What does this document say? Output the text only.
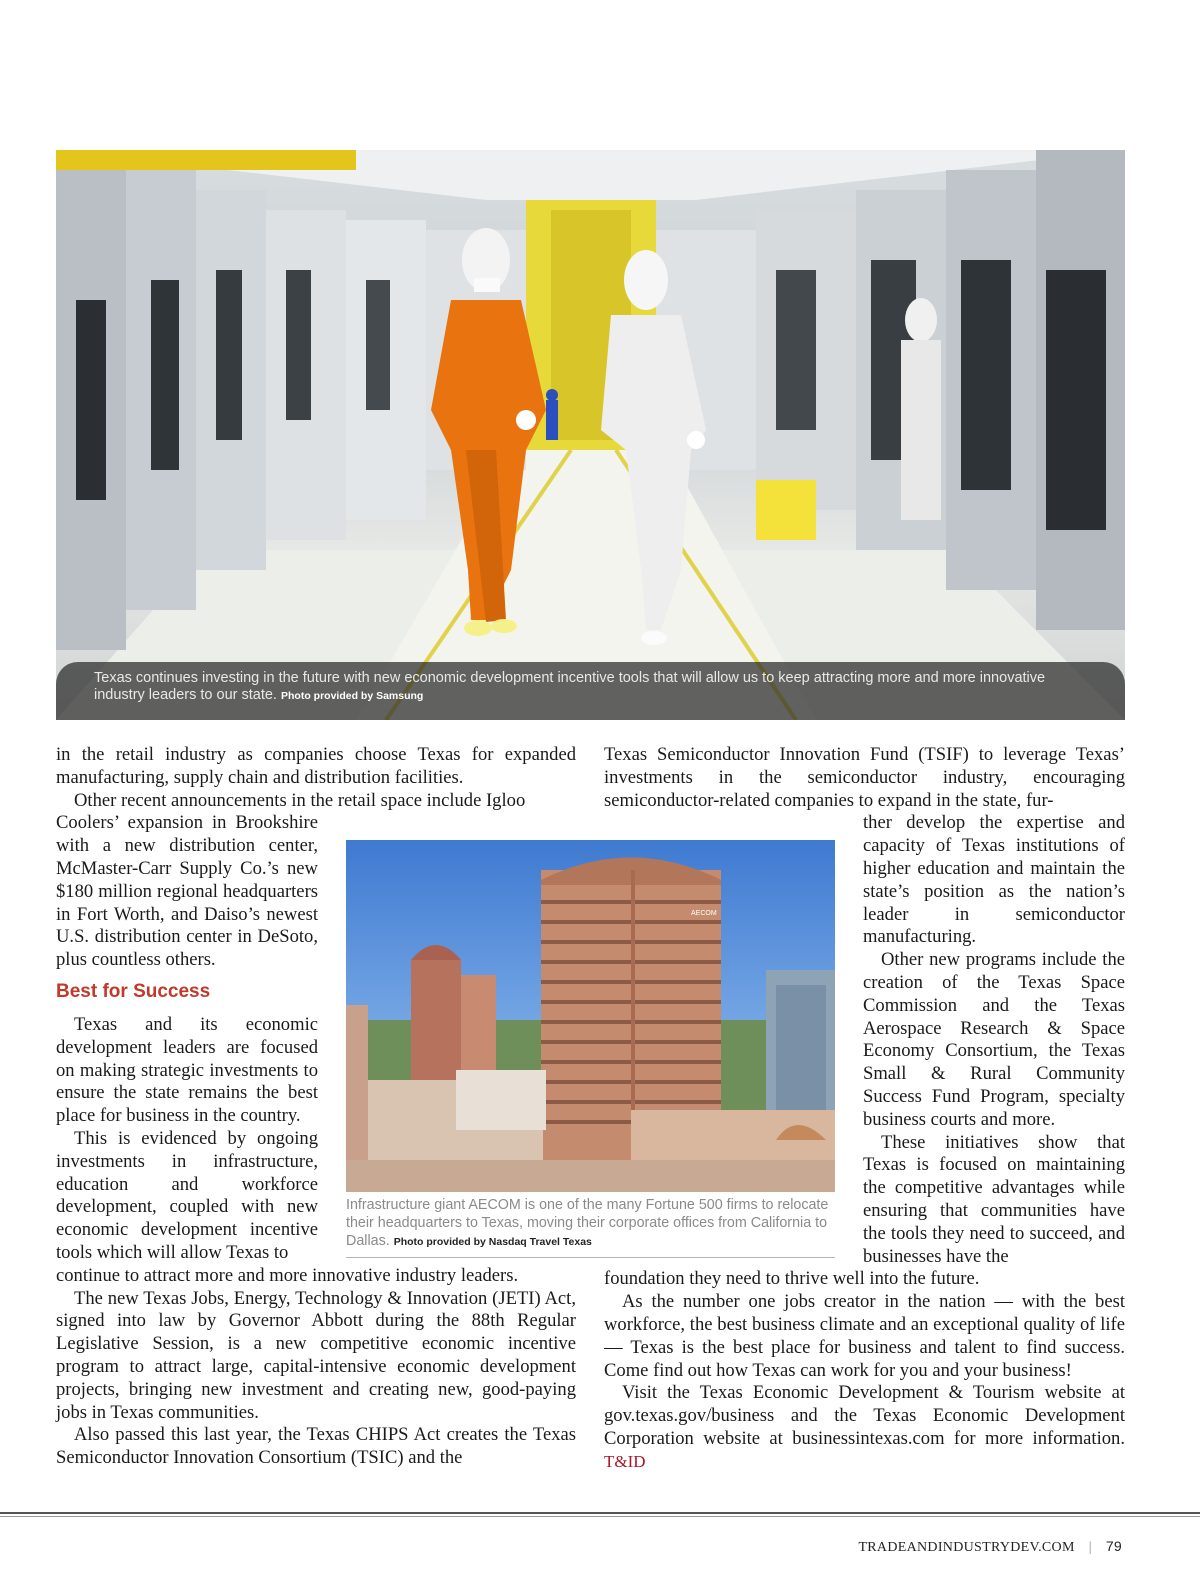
Texas continues investing in the future with new economic development incentive tools that will allow us to keep attracting more and more innovative industry leaders to our state. Photo provided by Samsung

in the retail industry as companies choose Texas for expanded manufacturing, supply chain and distribution facilities.

Other recent announcements in the retail space include Igloo

Coolers’ expansion in Brookshire with a new distribution center, McMaster-Carr Supply Co.’s new $180 million regional headquarters in Fort Worth, and Daiso’s newest U.S. distribution center in DeSoto, plus countless others.

Best for Success

Texas and its economic development leaders are focused on making strategic investments to ensure the state remains the best place for business in the country.

This is evidenced by ongoing investments in infrastructure, education and workforce development, coupled with new economic development incentive tools which will allow Texas to

continue to attract more and more innovative industry leaders.

The new Texas Jobs, Energy, Technology & Innovation (JETI) Act, signed into law by Governor Abbott during the 88th Regular Legislative Session, is a new competitive economic incentive program to attract large, capital-intensive economic development projects, bringing new investment and creating new, good-paying jobs in Texas communities.

Also passed this last year, the Texas CHIPS Act creates the Texas Semiconductor Innovation Consortium (TSIC) and the

Texas Semiconductor Innovation Fund (TSIF) to leverage Texas’ investments in the semiconductor industry, encouraging semiconductor-related companies to expand in the state, fur-

ther develop the expertise and capacity of Texas institutions of higher education and maintain the state’s position as the nation’s leader in semiconductor manufacturing.

Other new programs include the creation of the Texas Space Commission and the Texas Aerospace Research & Space Economy Consortium, the Texas Small & Rural Community Success Fund Program, specialty business courts and more.

These initiatives show that Texas is focused on maintaining the competitive advantages while ensuring that communities have the tools they need to succeed, and businesses have the

foundation they need to thrive well into the future.

As the number one jobs creator in the nation — with the best workforce, the best business climate and an exceptional quality of life — Texas is the best place for business and talent to find success. Come find out how Texas can work for you and your business!

Visit the Texas Economic Development & Tourism website at gov.texas.gov/business and the Texas Economic Development Corporation website at businessintexas.com for more information. T&ID

AECOM
Infrastructure giant AECOM is one of the many Fortune 500 firms to relocate their headquarters to Texas, moving their corporate offices from California to Dallas. Photo provided by Nasdaq Travel Texas
TRADEANDINDUSTRYDEV.COM | 79
